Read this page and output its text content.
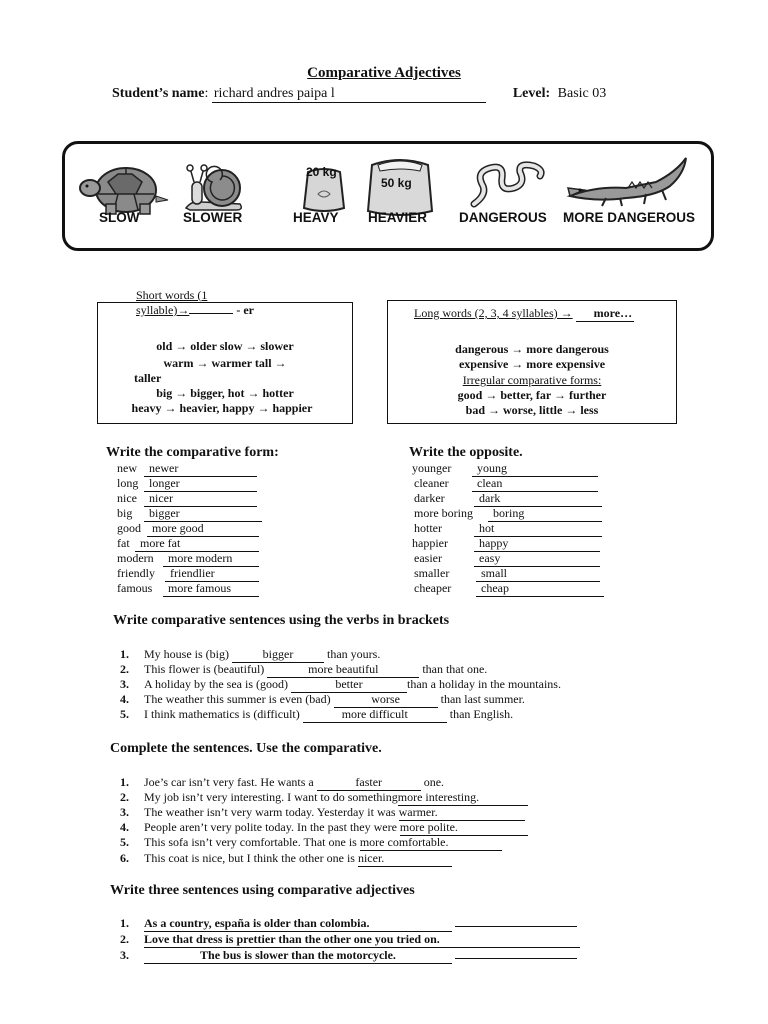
Comparative Adjectives
Student’s name: richard andres paipa l	Level: Basic 03
20 kg
50 kg
SLOW	SLOWER	HEAVY HEAVIER DANGEROUS MORE DANGEROUS
Short words (1
syllable)→	- er
old → older slow → slower
warm → warmer tall →
taller
big → bigger, hot → hotter
heavy → heavier, happy → happier
Long words (2, 3, 4 syllables) → more…
dangerous → more dangerous
expensive → more expensive
Irregular comparative forms:
good → better, far → further
bad → worse, little → less
Write the comparative form:
new newer
long longer
nice nicer
big bigger
good more good
fat more fat
modern more modern
friendly friendlier
famous more famous
Write the opposite.
younger young
cleaner clean
darker	dark
more boring boring
hotter	hot
happier	happy
easier	easy
smaller	small
cheaper cheap
Write comparative sentences using the verbs in brackets
1. My house is (big)	bigger	than yours.
2. This flower is (beautiful)	more beautiful	than that one.
3. A holiday by the sea is (good)	better	than a holiday in the mountains.
4. The weather this summer is even (bad)	worse	than last summer.
5. I think mathematics is (difficult)	more difficult	than English.
Complete the sentences. Use the comparative.
1. Joe’s car isn’t very fast. He wants a	faster	one.
2. My job isn’t very interesting. I want to do somethingmore interesting.
3. The weather isn’t very warm today. Yesterday it was warmer.
4. People aren’t very polite today. In the past they were more polite.
5. This sofa isn’t very comfortable. That one is more comfortable.
6. This coat is nice, but I think the other one is nicer.
Write three sentences using comparative adjectives
1. As a country, españa is older than colombia.
2. Love that dress is prettier than the other one you tried on.
3.	The bus is slower than the motorcycle.
